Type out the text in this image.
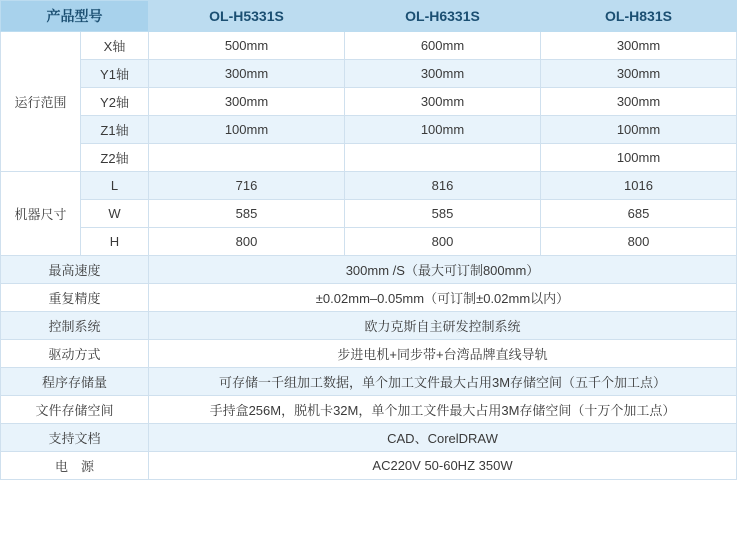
产品型号		OL-H5331S	OL-H6331S	OL-H831S
运行范围	X轴	500mm	600mm	300mm
	Y1轴	300mm	300mm	300mm
	Y2轴	300mm	300mm	300mm
	Z1轴	100mm	100mm	100mm
	Z2轴			100mm
机器尺寸	L	716	816	1016
	W	585	585	685
	H	800	800	800
最高速度		300mm /S（最大可订制800mm）		
重复精度		±0.02mm–0.05mm（可订制±0.02mm以内）		
控制系统		欧力克斯自主研发控制系统		
驱动方式		步进电机+同步带+台湾品牌直线导轨		
程序存储量		可存储一千组加工数据，单个加工文件最大占用3M存储空间（五千个加工点）		
文件存储空间		手持盒256M，脱机卡32M，单个加工文件最大占用3M存储空间（十万个加工点）		
支持文档		CAD、CorelDRAW		
电　源		AC220V 50-60HZ 350W		
